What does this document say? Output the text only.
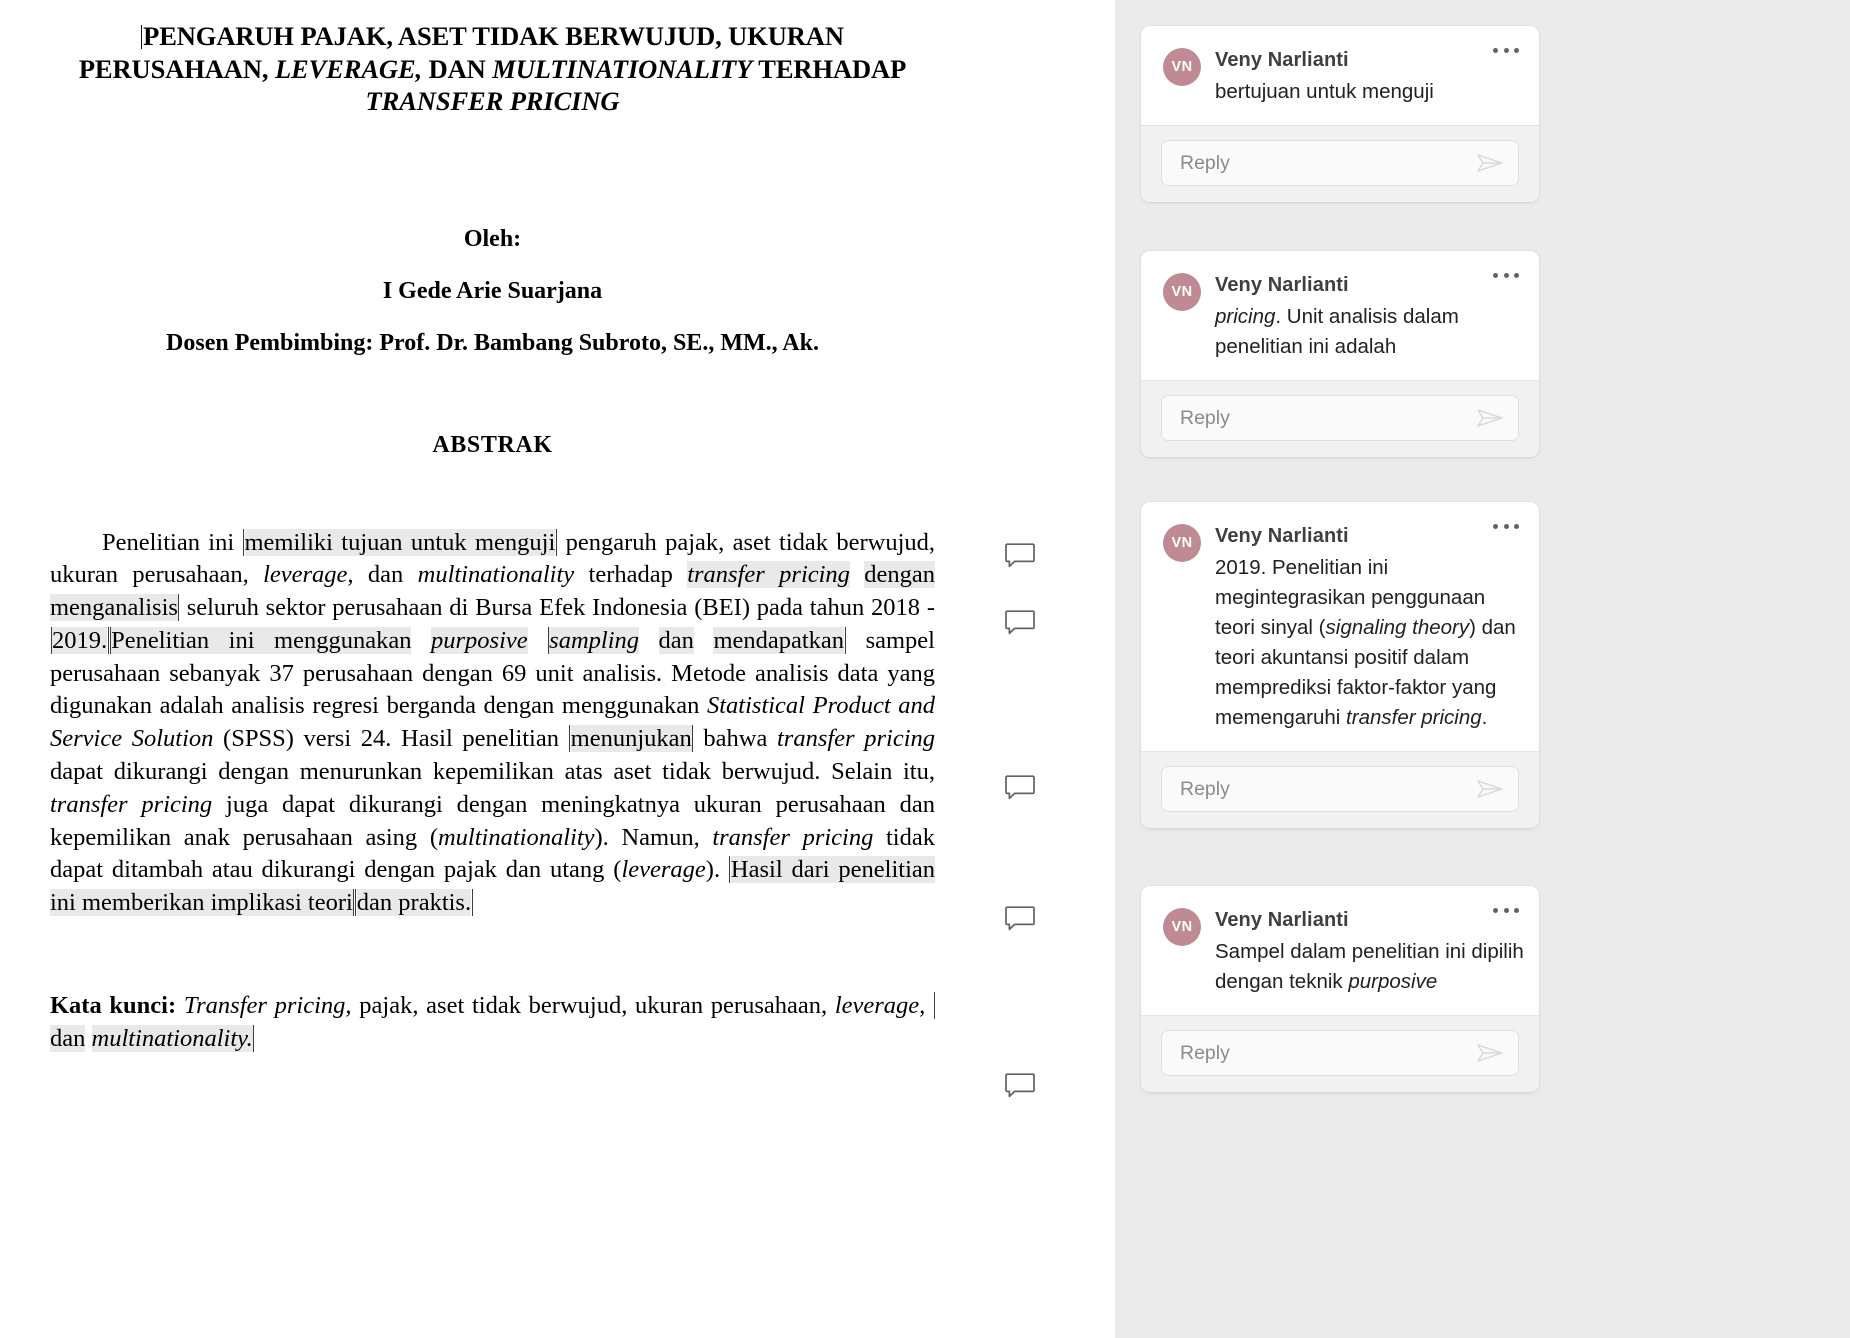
PENGARUH PAJAK, ASET TIDAK BERWUJUD, UKURAN
PERUSAHAAN, LEVERAGE, DAN MULTINATIONALITY TERHADAP
TRANSFER PRICING
Oleh:
I Gede Arie Suarjana
Dosen Pembimbing: Prof. Dr. Bambang Subroto, SE., MM., Ak.
ABSTRAK
Penelitian ini memiliki tujuan untuk menguji pengaruh pajak, aset tidak berwujud, ukuran perusahaan, leverage, dan multinationality terhadap transfer pricing dengan menganalisis seluruh sektor perusahaan di Bursa Efek Indonesia (BEI) pada tahun 2018 - 2019. Penelitian ini menggunakan purposive sampling dan mendapatkan sampel perusahaan sebanyak 37 perusahaan dengan 69 unit analisis. Metode analisis data yang digunakan adalah analisis regresi berganda dengan menggunakan Statistical Product and Service Solution (SPSS) versi 24. Hasil penelitian menunjukan bahwa transfer pricing dapat dikurangi dengan menurunkan kepemilikan atas aset tidak berwujud. Selain itu, transfer pricing juga dapat dikurangi dengan meningkatnya ukuran perusahaan dan kepemilikan anak perusahaan asing (multinationality). Namun, transfer pricing tidak dapat ditambah atau dikurangi dengan pajak dan utang (leverage). Hasil dari penelitian ini memberikan implikasi teori dan praktis.
Kata kunci: Transfer pricing, pajak, aset tidak berwujud, ukuran perusahaan, leverage, dan multinationality.
VN	Veny Narlianti
bertujuan untuk menguji
Reply
VN	Veny Narlianti
pricing. Unit analisis dalam penelitian ini adalah
Reply
VN	Veny Narlianti
2019. Penelitian ini megintegrasikan penggunaan teori sinyal (signaling theory) dan teori akuntansi positif dalam memprediksi faktor-faktor yang memengaruhi transfer pricing.
Reply
VN	Veny Narlianti
Sampel dalam penelitian ini dipilih dengan teknik purposive
Reply
